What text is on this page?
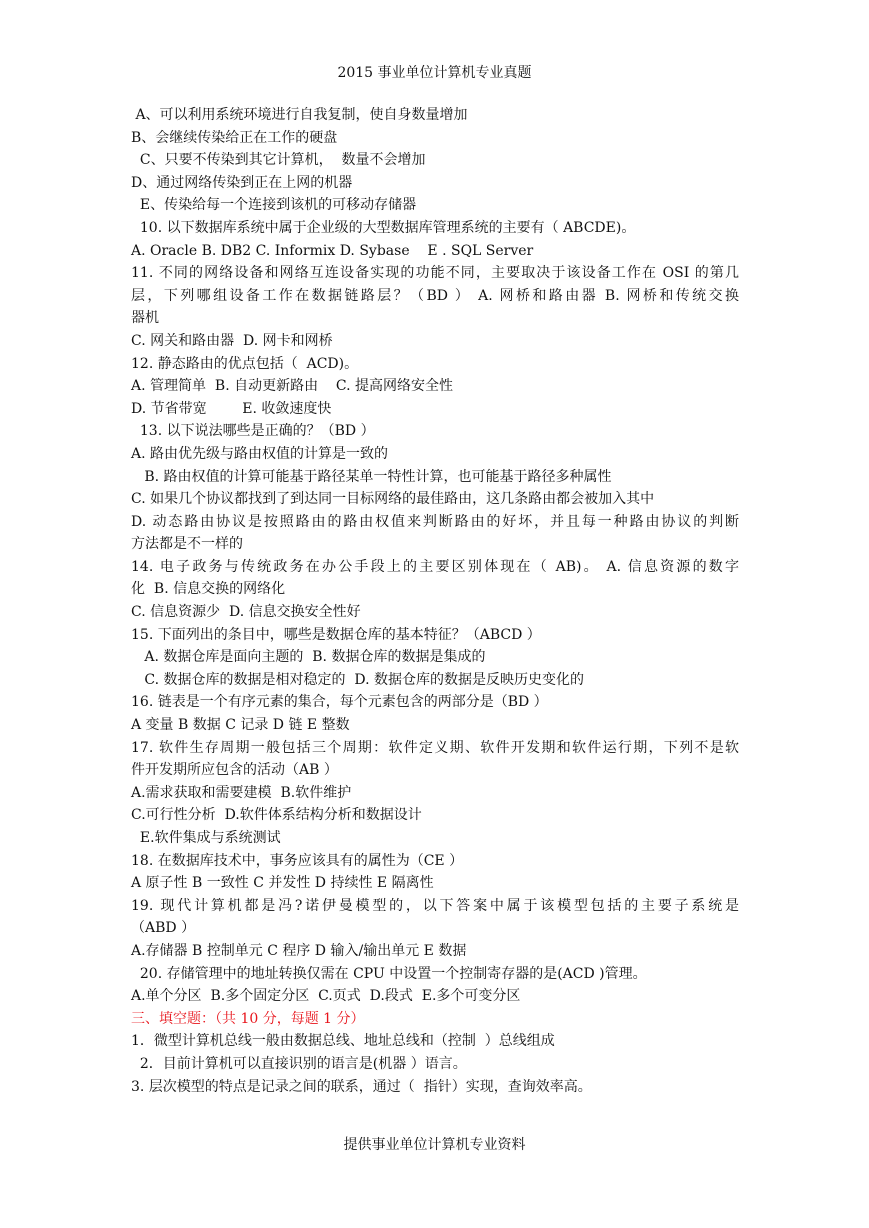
2015 事业单位计算机专业真题
A、可以利用系统环境进行自我复制，使自身数量增加
B、会继续传染给正在工作的硬盘
C、只要不传染到其它计算机，  数量不会增加
D、通过网络传染到正在上网的机器
E、传染给每一个连接到该机的可移动存储器
10. 以下数据库系统中属于企业级的大型数据库管理系统的主要有（ ABCDE)。
A. Oracle B. DB2 C. Informix D. Sybase    E . SQL Server
11. 不同的网络设备和网络互连设备实现的功能不同，主要取决于该设备工作在 OSI 的第几
层，下列哪组设备工作在数据链路层？（BD ） A. 网桥和路由器 B. 网桥和传统交换
器机
C. 网关和路由器  D. 网卡和网桥
12. 静态路由的优点包括（  ACD)。
A. 管理简单  B. 自动更新路由    C. 提高网络安全性
D. 节省带宽        E. 收敛速度快
13. 以下说法哪些是正确的？（BD ）
A. 路由优先级与路由权值的计算是一致的
B. 路由权值的计算可能基于路径某单一特性计算，也可能基于路径多种属性
C. 如果几个协议都找到了到达同一目标网络的最佳路由，这几条路由都会被加入其中
D. 动态路由协议是按照路由的路由权值来判断路由的好坏，并且每一种路由协议的判断
方法都是不一样的
14. 电子政务与传统政务在办公手段上的主要区别体现在（ AB)。 A. 信息资源的数字
化  B. 信息交换的网络化
C. 信息资源少  D. 信息交换安全性好
15. 下面列出的条目中，哪些是数据仓库的基本特征？（ABCD ）
A. 数据仓库是面向主题的  B. 数据仓库的数据是集成的
C. 数据仓库的数据是相对稳定的  D. 数据仓库的数据是反映历史变化的
16. 链表是一个有序元素的集合，每个元素包含的两部分是（BD ）
A 变量 B 数据 C 记录 D 链 E 整数
17. 软件生存周期一般包括三个周期：软件定义期、软件开发期和软件运行期，下列不是软
件开发期所应包含的活动（AB ）
A.需求获取和需要建模  B.软件维护
C.可行性分析  D.软件体系结构分析和数据设计
E.软件集成与系统测试
18. 在数据库技术中，事务应该具有的属性为（CE ）
A 原子性 B 一致性 C 并发性 D 持续性 E 隔离性
19. 现代计算机都是冯?诺伊曼模型的，以下答案中属于该模型包括的主要子系统是
（ABD ）
A.存储器 B 控制单元 C 程序 D 输入/输出单元 E 数据
20. 存储管理中的地址转换仅需在 CPU 中设置一个控制寄存器的是(ACD )管理。
A.单个分区  B.多个固定分区  C.页式  D.段式  E.多个可变分区
三、填空题：（共 10 分，每题 1 分）
1．微型计算机总线一般由数据总线、地址总线和（控制  ）总线组成
2．目前计算机可以直接识别的语言是(机器 ）语言。
3. 层次模型的特点是记录之间的联系，通过（  指针）实现，查询效率高。
提供事业单位计算机专业资料
